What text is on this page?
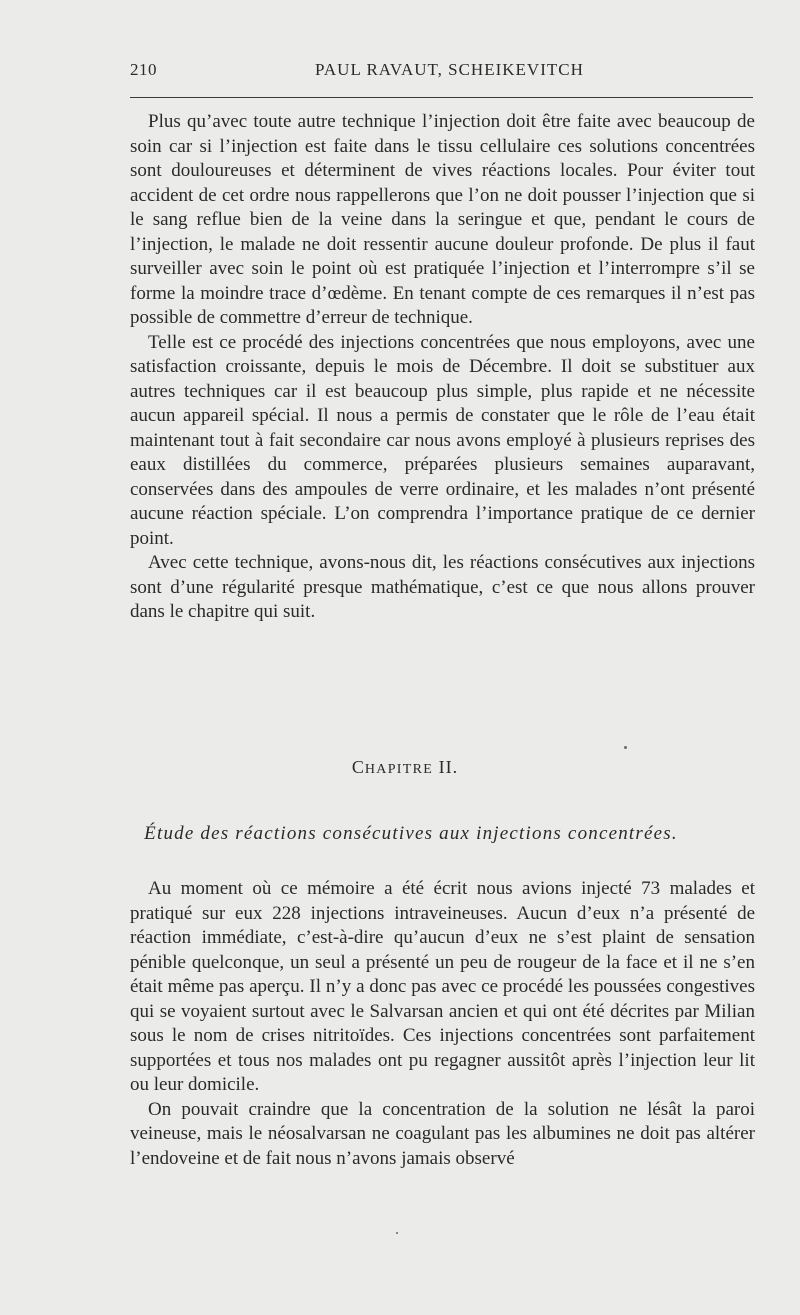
210	PAUL RAVAUT, SCHEIKEVITCH

Plus qu’avec toute autre technique l’injection doit être faite avec beaucoup de soin car si l’injection est faite dans le tissu cellulaire ces solutions concentrées sont douloureuses et déterminent de vives réactions locales. Pour éviter tout accident de cet ordre nous rappellerons que l’on ne doit pousser l’injection que si le sang reflue bien de la veine dans la seringue et que, pendant le cours de l’injection, le malade ne doit ressentir aucune douleur profonde. De plus il faut surveiller avec soin le point où est pratiquée l’injection et l’interrompre s’il se forme la moindre trace d’œdème. En tenant compte de ces remarques il n’est pas possible de commettre d’erreur de technique.

Telle est ce procédé des injections concentrées que nous employons, avec une satisfaction croissante, depuis le mois de Décembre. Il doit se substituer aux autres techniques car il est beaucoup plus simple, plus rapide et ne nécessite aucun appareil spécial. Il nous a permis de constater que le rôle de l’eau était maintenant tout à fait secondaire car nous avons employé à plusieurs reprises des eaux distillées du commerce, préparées plusieurs semaines auparavant, conservées dans des ampoules de verre ordinaire, et les malades n’ont présenté aucune réaction spéciale. L’on comprendra l’importance pratique de ce dernier point.

Avec cette technique, avons-nous dit, les réactions consécutives aux injections sont d’une régularité presque mathématique, c’est ce que nous allons prouver dans le chapitre qui suit.

CHAPITRE II.
Étude des réactions consécutives aux injections concentrées.

Au moment où ce mémoire a été écrit nous avions injecté 73 malades et pratiqué sur eux 228 injections intraveineuses. Aucun d’eux n’a présenté de réaction immédiate, c’est-à-dire qu’aucun d’eux ne s’est plaint de sensation pénible quelconque, un seul a présenté un peu de rougeur de la face et il ne s’en était même pas aperçu. Il n’y a donc pas avec ce procédé les poussées congestives qui se voyaient surtout avec le Salvarsan ancien et qui ont été décrites par Milian sous le nom de crises nitritoïdes. Ces injections concentrées sont parfaitement supportées et tous nos malades ont pu regagner aussitôt après l’injection leur lit ou leur domicile.

On pouvait craindre que la concentration de la solution ne lésât la paroi veineuse, mais le néosalvarsan ne coagulant pas les albumines ne doit pas altérer l’endoveine et de fait nous n’avons jamais observé
